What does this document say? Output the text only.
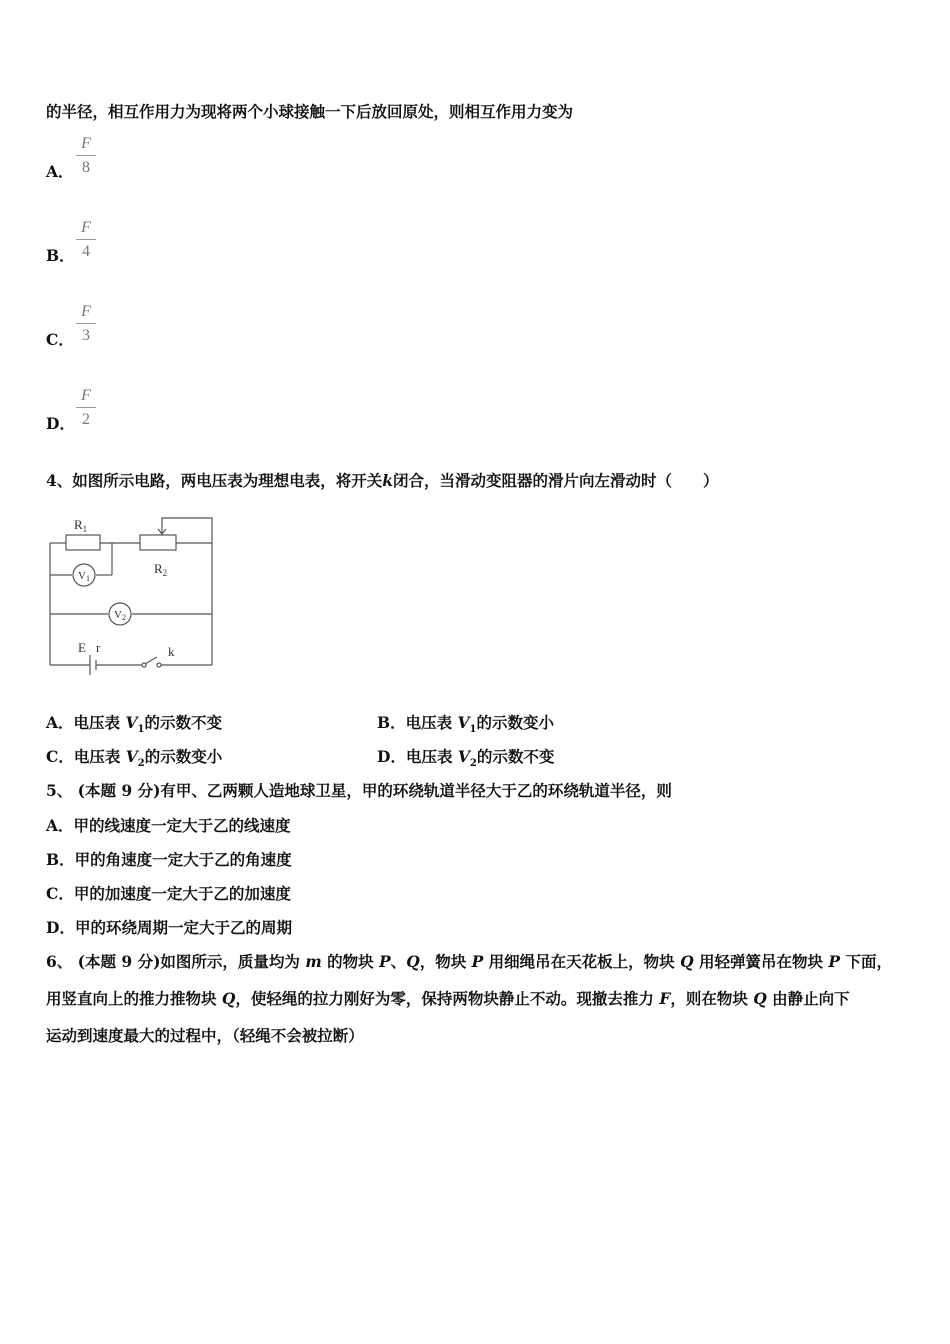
的半径，相互作用力为现将两个小球接触一下后放回原处，则相互作用力变为
A．
F
8
B．
F
4
C．
F
3
D．
F
2
4、如图所示电路，两电压表为理想电表，将开关k闭合，当滑动变阻器的滑片向左滑动时（　　）
$R_1$
$R_2$
V1
V2
E r	k
A．电压表 $V_1$的示数不变	B．电压表 $V_1$的示数变小
C．电压表 $V_2$的示数变小	D．电压表 $V_2$的示数不变
5、 (本题 9 分)有甲、乙两颗人造地球卫星，甲的环绕轨道半径大于乙的环绕轨道半径，则
A．甲的线速度一定大于乙的线速度
B．甲的角速度一定大于乙的角速度
C．甲的加速度一定大于乙的加速度
D．甲的环绕周期一定大于乙的周期
6、 (本题 9 分)如图所示，质量均为 m 的物块 P、Q，物块 P 用细绳吊在天花板上，物块 Q 用轻弹簧吊在物块 P 下面，
用竖直向上的推力推物块 Q，使轻绳的拉力刚好为零，保持两物块静止不动。现撤去推力 F，则在物块 Q 由静止向下
运动到速度最大的过程中，（轻绳不会被拉断）
